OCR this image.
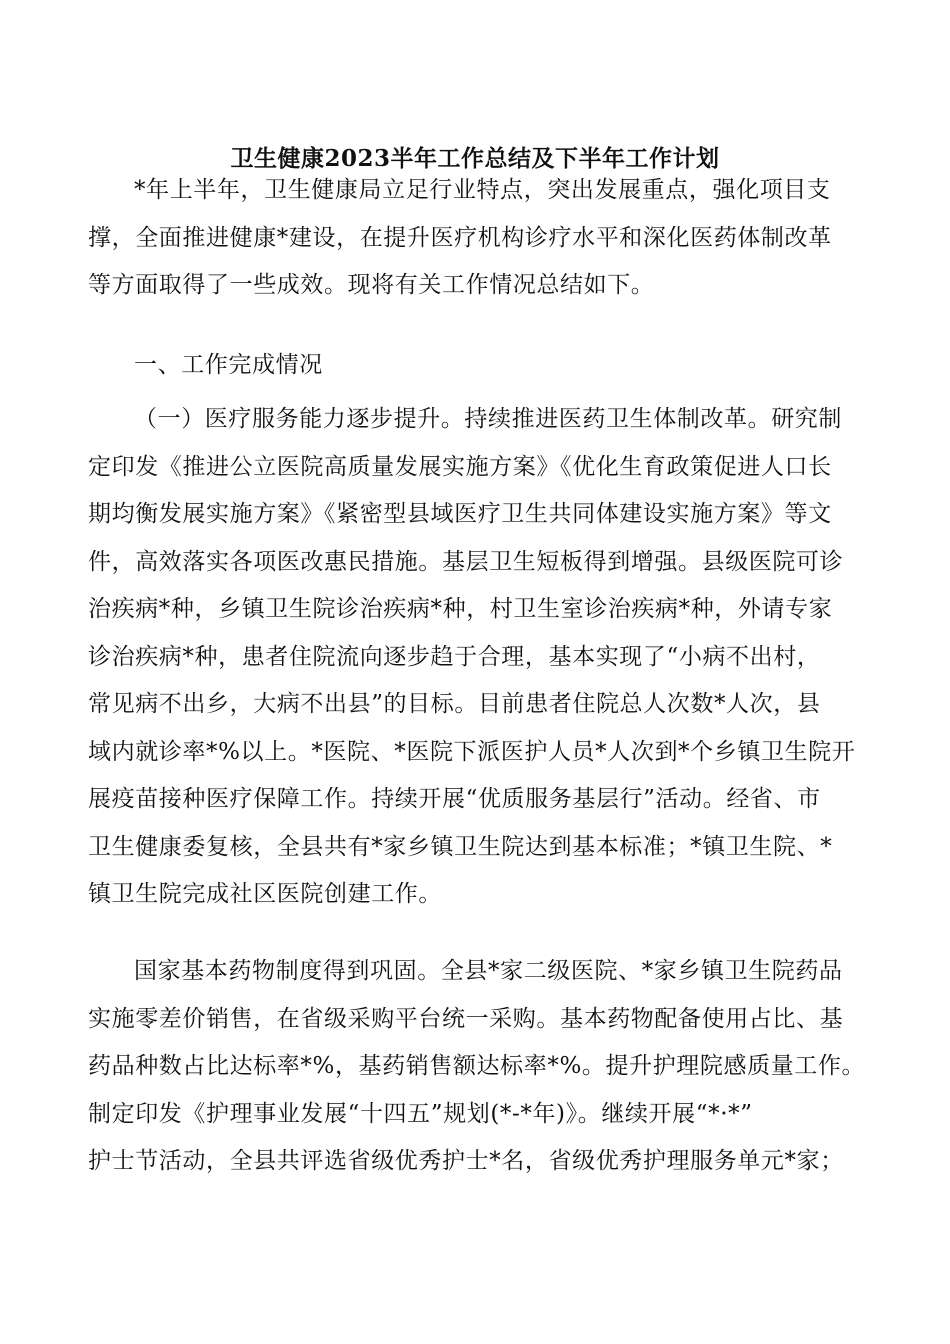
卫生健康2023半年工作总结及下半年工作计划
*年上半年，卫生健康局立足行业特点，突出发展重点，强化项目支
撑，全面推进健康*建设，在提升医疗机构诊疗水平和深化医药体制改革
等方面取得了一些成效。现将有关工作情况总结如下。
一、工作完成情况
（一）医疗服务能力逐步提升。持续推进医药卫生体制改革。研究制
定印发《推进公立医院高质量发展实施方案》《优化生育政策促进人口长
期均衡发展实施方案》《紧密型县域医疗卫生共同体建设实施方案》等文
件，高效落实各项医改惠民措施。基层卫生短板得到增强。县级医院可诊
治疾病*种，乡镇卫生院诊治疾病*种，村卫生室诊治疾病*种，外请专家
诊治疾病*种，患者住院流向逐步趋于合理，基本实现了“小病不出村，
常见病不出乡，大病不出县”的目标。目前患者住院总人次数*人次，县
域内就诊率*%以上。*医院、*医院下派医护人员*人次到*个乡镇卫生院开
展疫苗接种医疗保障工作。持续开展“优质服务基层行”活动。经省、市
卫生健康委复核，全县共有*家乡镇卫生院达到基本标准；*镇卫生院、*
镇卫生院完成社区医院创建工作。
国家基本药物制度得到巩固。全县*家二级医院、*家乡镇卫生院药品
实施零差价销售，在省级采购平台统一采购。基本药物配备使用占比、基
药品种数占比达标率*%，基药销售额达标率*%。提升护理院感质量工作。
制定印发《护理事业发展“十四五”规划(*-*年)》。继续开展“*·*”
护士节活动，全县共评选省级优秀护士*名，省级优秀护理服务单元*家；
